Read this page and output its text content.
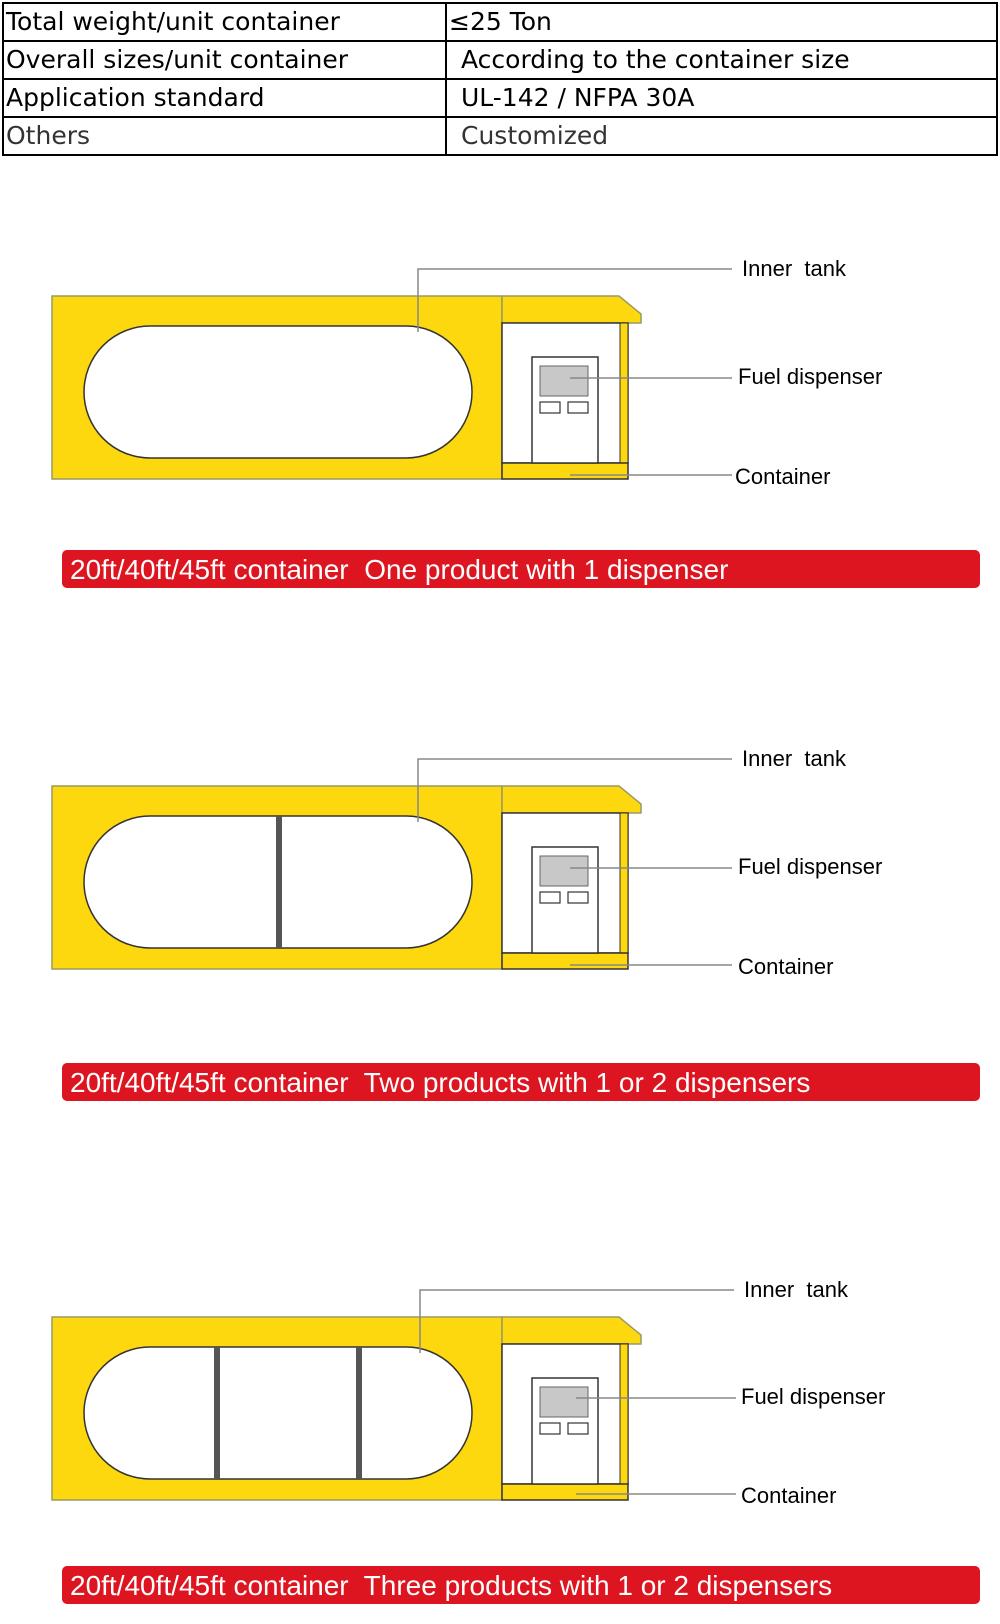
Total weight/unit container	≤25 Ton
Overall sizes/unit container	According to the container size
Application standard	UL-142 / NFPA 30A
Others	Customized
Inner  tank
Fuel dispenser
Container
20ft/40ft/45ft container  One product with 1 dispenser
Inner  tank
Fuel dispenser
Container
20ft/40ft/45ft container  Two products with 1 or 2 dispensers
Inner  tank
Fuel dispenser
Container
20ft/40ft/45ft container  Three products with 1 or 2 dispensers
